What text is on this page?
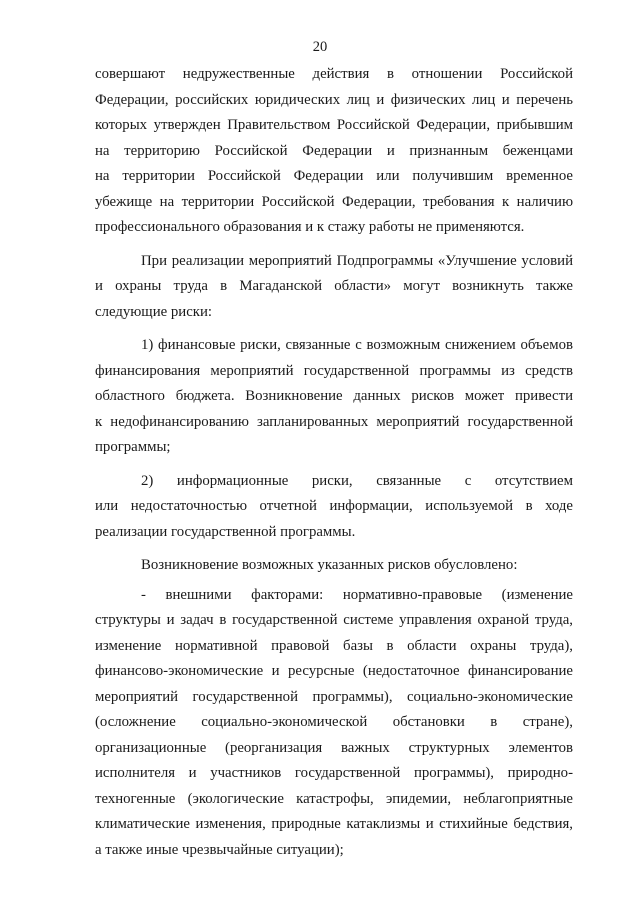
20
совершают недружественные действия в отношении Российской
Федерации, российских юридических лиц и физических лиц и перечень
которых утвержден Правительством Российской Федерации, прибывшим
на территорию Российской Федерации и признанным беженцами
на территории Российской Федерации или получившим временное
убежище на территории Российской Федерации, требования к наличию
профессионального образования и к стажу работы не применяются.
При реализации мероприятий Подпрограммы «Улучшение условий
и охраны труда в Магаданской области» могут возникнуть также
следующие риски:
1) финансовые риски, связанные с возможным снижением объемов
финансирования мероприятий государственной программы из средств
областного бюджета. Возникновение данных рисков может привести
к недофинансированию запланированных мероприятий государственной
программы;
2) информационные риски, связанные с отсутствием
или недостаточностью отчетной информации, используемой в ходе
реализации государственной программы.
Возникновение возможных указанных рисков обусловлено:
- внешними факторами: нормативно-правовые (изменение
структуры и задач в государственной системе управления охраной труда,
изменение нормативной правовой базы в области охраны труда),
финансово-экономические и ресурсные (недостаточное финансирование
мероприятий государственной программы), социально-экономические
(осложнение социально-экономической обстановки в стране),
организационные (реорганизация важных структурных элементов
исполнителя и участников государственной программы), природно-
техногенные (экологические катастрофы, эпидемии, неблагоприятные
климатические изменения, природные катаклизмы и стихийные бедствия,
а также иные чрезвычайные ситуации);
